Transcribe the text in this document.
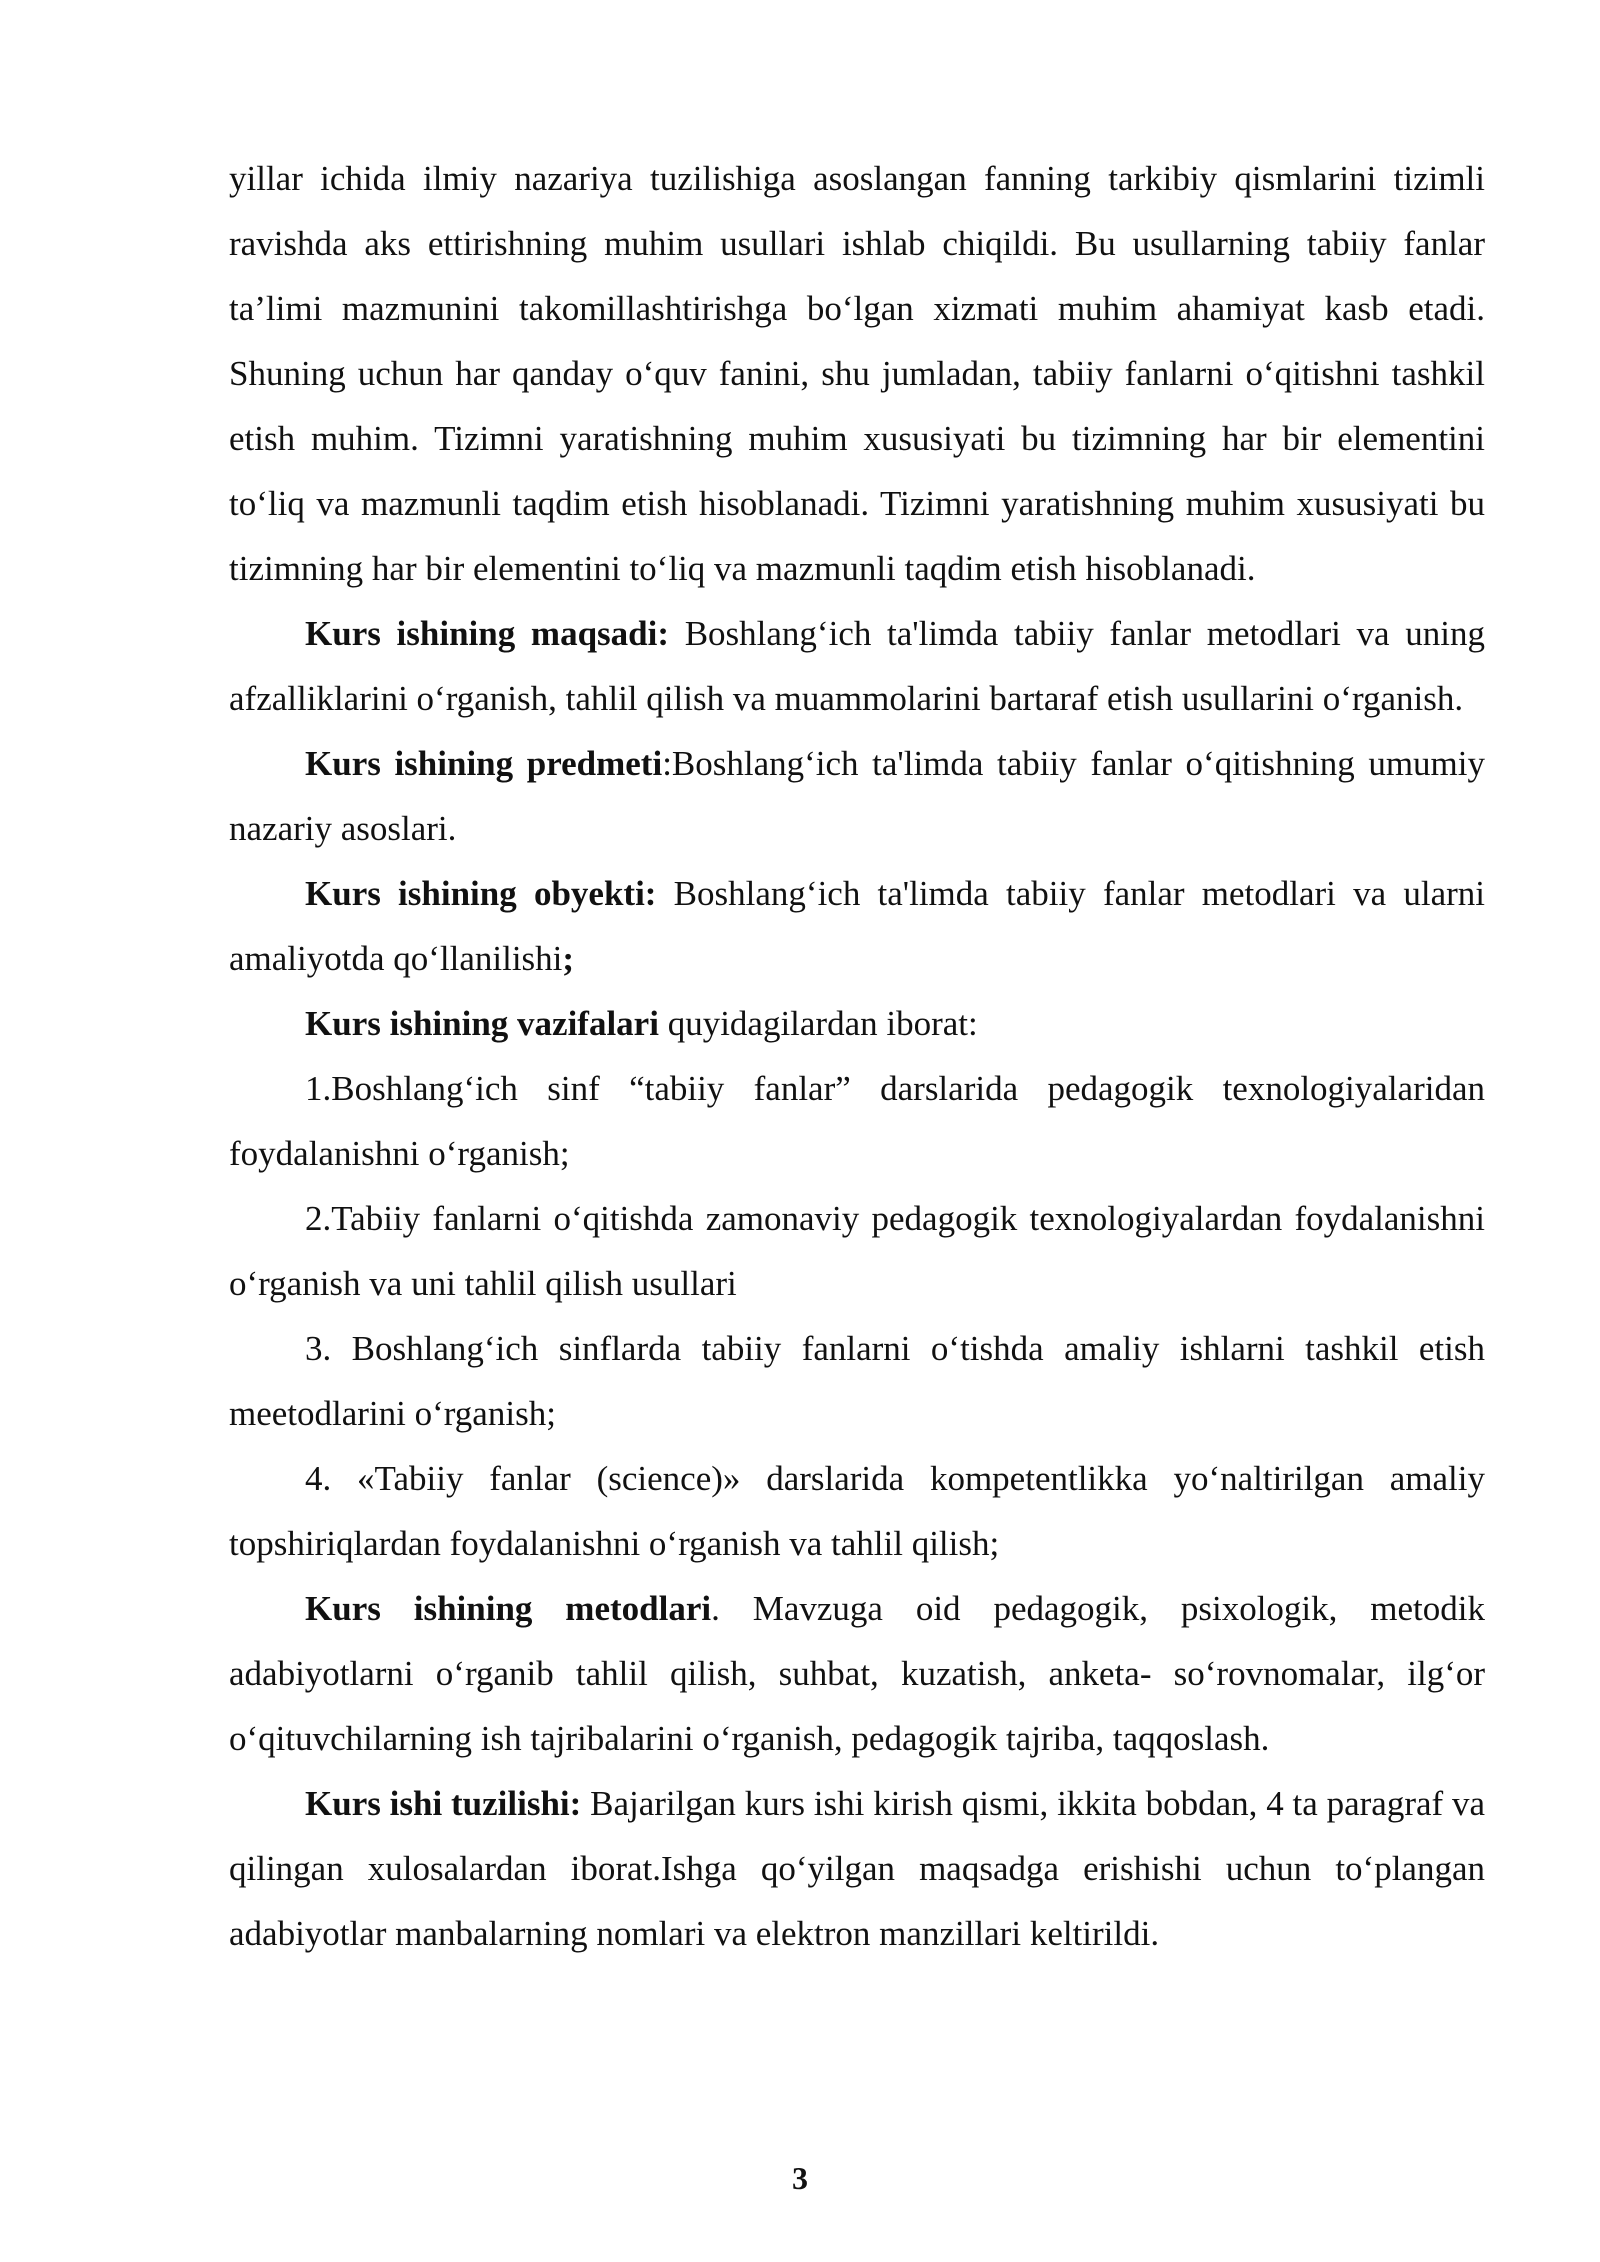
yillar ichida ilmiy nazariya tuzilishiga asoslangan fanning tarkibiy qismlarini tizimli ravishda aks ettirishning muhim usullari ishlab chiqildi. Bu usullarning tabiiy fanlar ta’limi mazmunini takomillashtirishga bo‘lgan xizmati muhim ahamiyat kasb etadi. Shuning uchun har qanday o‘quv fanini, shu jumladan, tabiiy fanlarni o‘qitishni tashkil etish muhim. Tizimni yaratishning muhim xususiyati bu tizimning har bir elementini to‘liq va mazmunli taqdim etish hisoblanadi. Tizimni yaratishning muhim xususiyati bu tizimning har bir elementini to‘liq va mazmunli taqdim etish hisoblanadi.

Kurs ishining maqsadi: Boshlang‘ich ta'limda tabiiy fanlar metodlari va uning afzalliklarini o‘rganish, tahlil qilish va muammolarini bartaraf etish usullarini o‘rganish.

Kurs ishining predmeti:Boshlang‘ich ta'limda tabiiy fanlar o‘qitishning umumiy nazariy asoslari.

Kurs ishining obyekti: Boshlang‘ich ta'limda tabiiy fanlar metodlari va ularni amaliyotda qo‘llanilishi;

Kurs ishining vazifalari quyidagilardan iborat:

1.Boshlang‘ich sinf “tabiiy fanlar” darslarida pedagogik texnologiyalaridan foydalanishni o‘rganish;

2.Tabiiy fanlarni o‘qitishda zamonaviy pedagogik texnologiyalardan foydalanishni o‘rganish va uni tahlil qilish usullari

3. Boshlang‘ich sinflarda tabiiy fanlarni o‘tishda amaliy ishlarni tashkil etish meetodlarini o‘rganish;

4. «Tabiiy fanlar (science)» darslarida kompetentlikka yo‘naltirilgan amaliy topshiriqlardan foydalanishni o‘rganish va tahlil qilish;

Kurs ishining metodlari. Mavzuga oid pedagogik, psixologik, metodik adabiyotlarni o‘rganib tahlil qilish, suhbat, kuzatish, anketa- so‘rovnomalar, ilg‘or o‘qituvchilarning ish tajribalarini o‘rganish, pedagogik tajriba, taqqoslash.

Kurs ishi tuzilishi: Bajarilgan kurs ishi kirish qismi, ikkita bobdan, 4 ta paragraf va qilingan xulosalardan iborat.Ishga qo‘yilgan maqsadga erishishi uchun to‘plangan adabiyotlar manbalarning nomlari va elektron manzillari keltirildi.

3
